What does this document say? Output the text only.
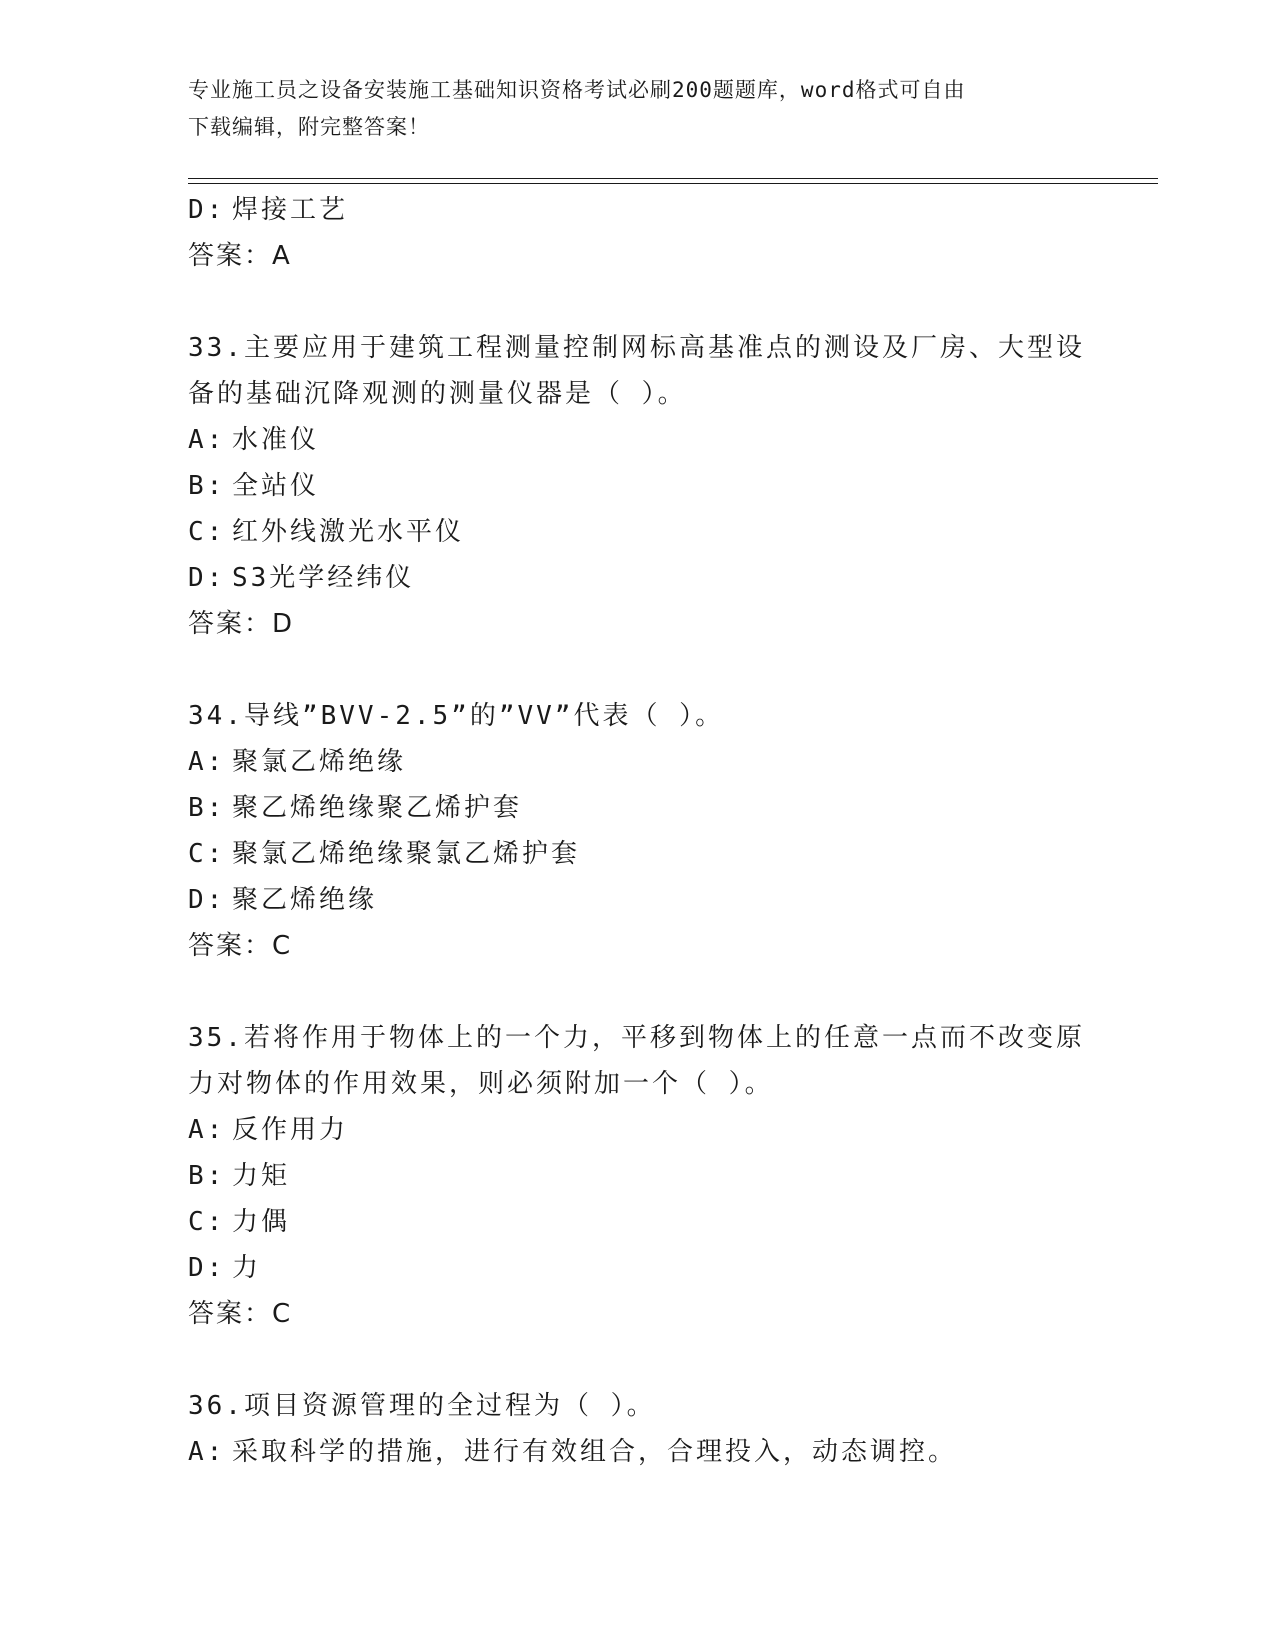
专业施工员之设备安装施工基础知识资格考试必刷200题题库，word格式可自由
下载编辑，附完整答案！
D: 焊接工艺
答案：A
33.主要应用于建筑工程测量控制网标高基准点的测设及厂房、大型设
备的基础沉降观测的测量仪器是（ ）。
A: 水准仪
B: 全站仪
C: 红外线激光水平仪
D: S3光学经纬仪
答案：D
34.导线”BVV-2.5”的”VV”代表（ ）。
A: 聚氯乙烯绝缘
B: 聚乙烯绝缘聚乙烯护套
C: 聚氯乙烯绝缘聚氯乙烯护套
D: 聚乙烯绝缘
答案：C
35.若将作用于物体上的一个力，平移到物体上的任意一点而不改变原
力对物体的作用效果，则必须附加一个（ ）。
A: 反作用力
B: 力矩
C: 力偶
D: 力
答案：C
36.项目资源管理的全过程为（ ）。
A: 采取科学的措施，进行有效组合，合理投入，动态调控。
